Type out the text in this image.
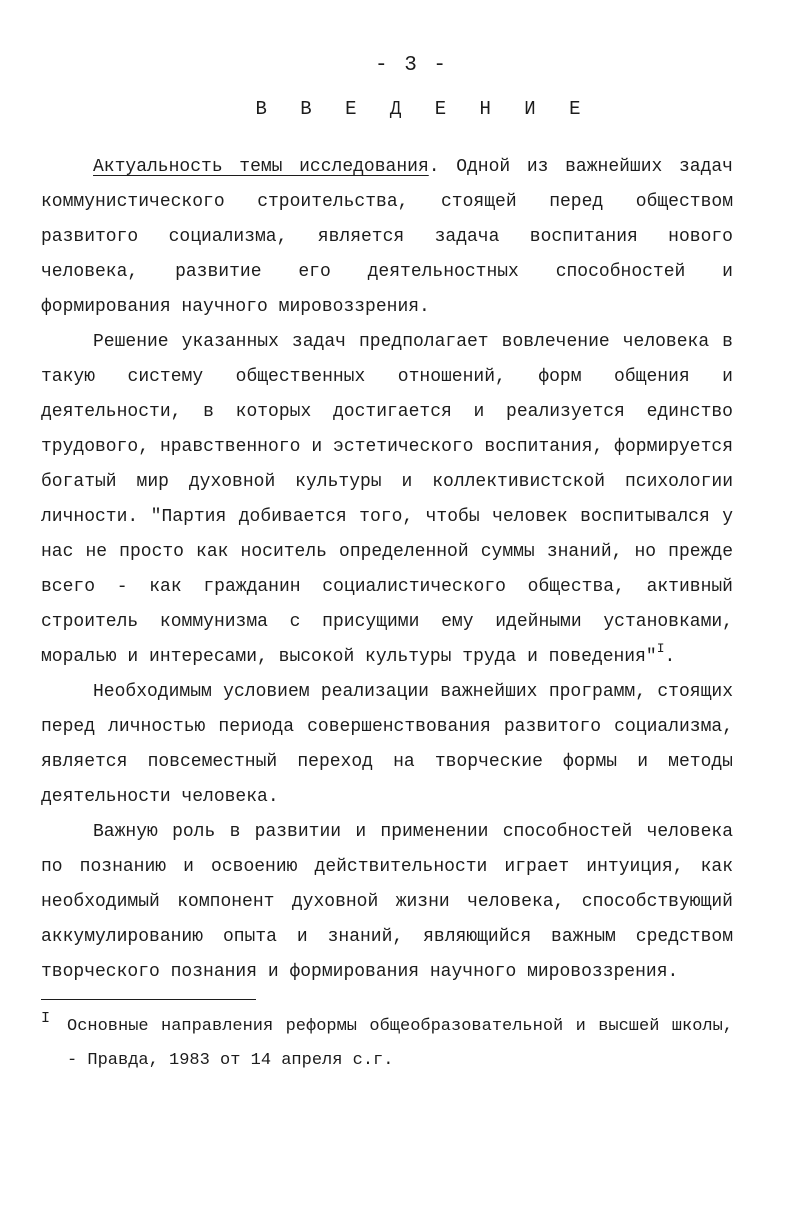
- 3 -
В В Е Д Е Н И Е

Актуальность темы исследования. Одной из важнейших задач коммунистического строительства, стоящей перед обществом развитого социализма, является задача воспитания нового человека, развитие его деятельностных способностей и формирования научного мировоззрения.

Решение указанных задач предполагает вовлечение человека в такую систему общественных отношений, форм общения и деятельности, в которых достигается и реализуется единство трудового, нравственного и эстетического воспитания, формируется богатый мир духовной культуры и коллективистской психологии личности. "Партия добивается того, чтобы человек воспитывался у нас не просто как носитель определенной суммы знаний, но прежде всего - как гражданин социалистического общества, активный строитель коммунизма с присущими ему идейными установками, моралью и интересами, высокой культуры труда и поведения"$^I$.

Необходимым условием реализации важнейших программ, стоящих перед личностью периода совершенствования развитого социализма, является повсеместный переход на творческие формы и методы деятельности человека.

Важную роль в развитии и применении способностей человека по познанию и освоению действительности играет интуиция, как необходимый компонент духовной жизни человека, способствующий аккумулированию опыта и знаний, являющийся важным средством творческого познания и формирования научного мировоззрения.

I Основные направления реформы общеобразовательной и высшей школы, - Правда, 1983 от 14 апреля с.г.
